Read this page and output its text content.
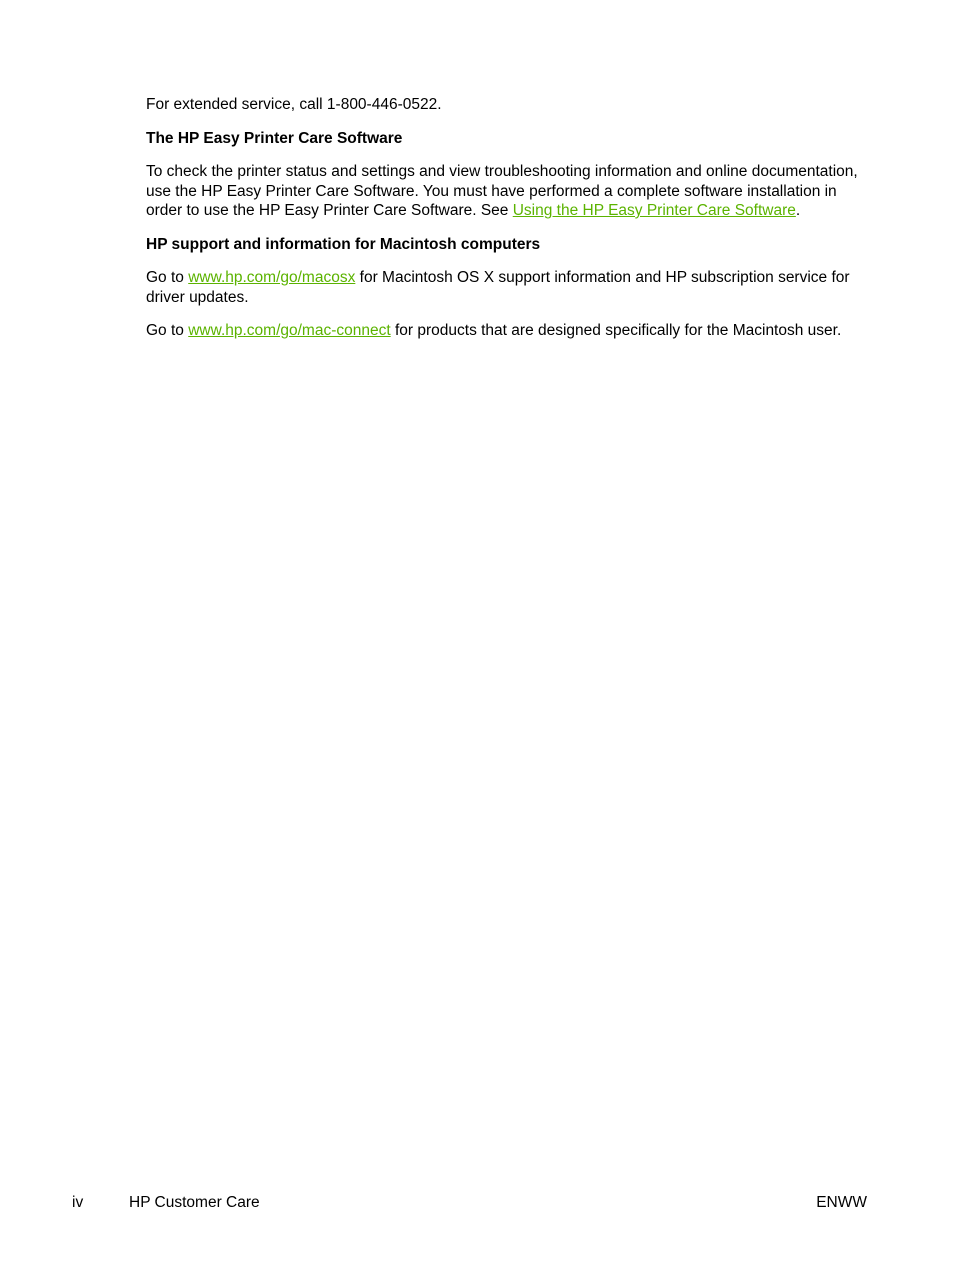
For extended service, call 1-800-446-0522.

The HP Easy Printer Care Software

To check the printer status and settings and view troubleshooting information and online documentation, use the HP Easy Printer Care Software. You must have performed a complete software installation in order to use the HP Easy Printer Care Software. See Using the HP Easy Printer Care Software.

HP support and information for Macintosh computers

Go to www.hp.com/go/macosx for Macintosh OS X support information and HP subscription service for driver updates.

Go to www.hp.com/go/mac-connect for products that are designed specifically for the Macintosh user.

iv	HP Customer Care	ENWW
